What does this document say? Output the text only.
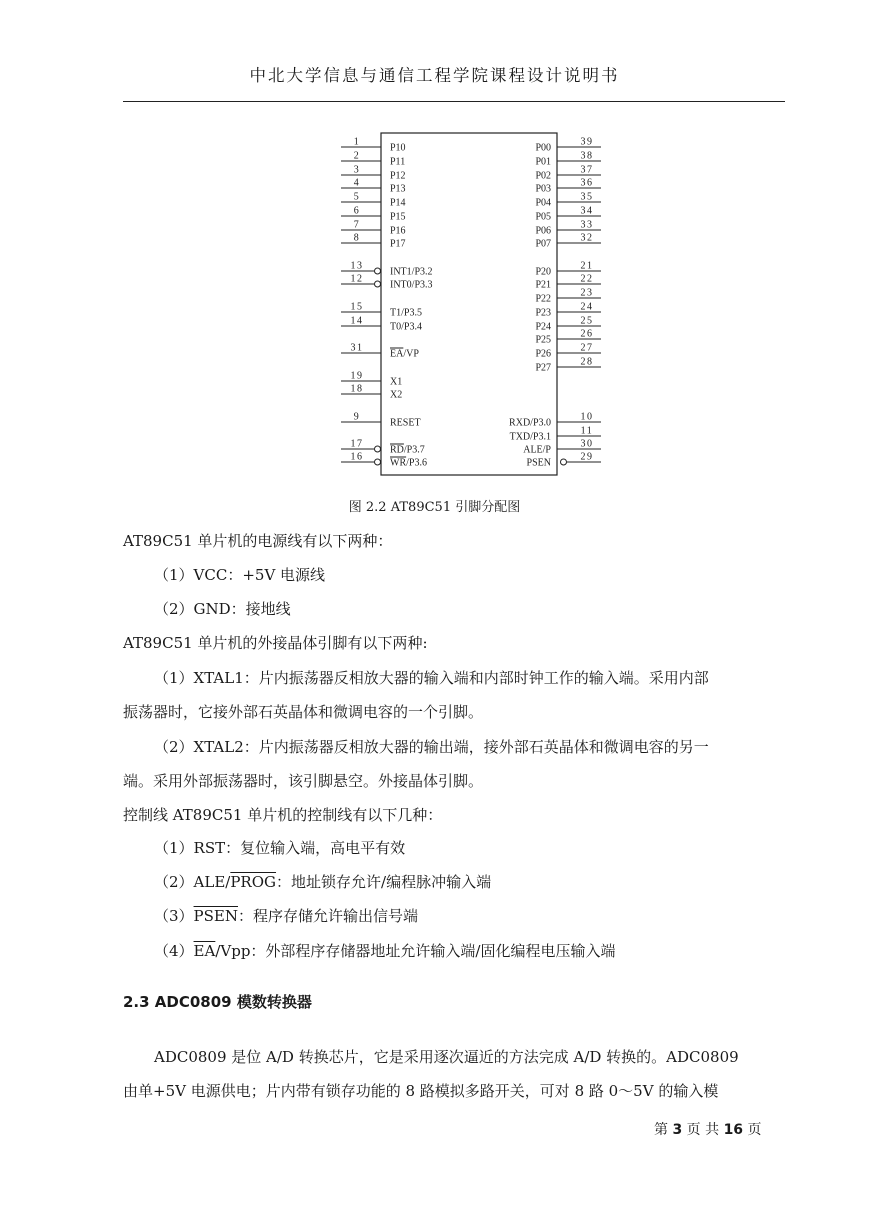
中北大学信息与通信工程学院课程设计说明书
1
P10
2
P11
3
P12
4
P13
5
P14
6
P15
7
P16
8
P17
13
INT1/P3.2
12
INT0/P3.3
15
T1/P3.5
14
T0/P3.4
31
EA/VP
19
X1
18
X2
9
RESET
17
RD/P3.7
16
WR/P3.6
39
P00
38
P01
37
P02
36
P03
35
P04
34
P05
33
P06
32
P07
21
P20
22
P21
23
P22
24
P23
25
P24
26
P25
27
P26
28
P27
10
RXD/P3.0
11
TXD/P3.1
30
ALE/P
29
PSEN
图 2.2 AT89C51 引脚分配图
AT89C51 单片机的电源线有以下两种：
（1）VCC：+5V 电源线
（2）GND：接地线
AT89C51 单片机的外接晶体引脚有以下两种:
（1）XTAL1：片内振荡器反相放大器的输入端和内部时钟工作的输入端。采用内部
振荡器时，它接外部石英晶体和微调电容的一个引脚。
（2）XTAL2：片内振荡器反相放大器的输出端，接外部石英晶体和微调电容的另一
端。采用外部振荡器时，该引脚悬空。外接晶体引脚。
控制线 AT89C51 单片机的控制线有以下几种：
（1）RST：复位输入端，高电平有效
（2）ALE/PROG：地址锁存允许/编程脉冲输入端
（3）PSEN：程序存储允许输出信号端
$(4)\overline{EA}$/Vpp：外部程序存储器地址允许输入端/固化编程电压输入端
2.3 ADC0809 模数转换器
ADC0809 是位 A/D 转换芯片，它是采用逐次逼近的方法完成 A/D 转换的。ADC0809
由单+5V 电源供电；片内带有锁存功能的 8 路模拟多路开关，可对 8 路 0～5V 的输入模
第 3 页 共 16 页
